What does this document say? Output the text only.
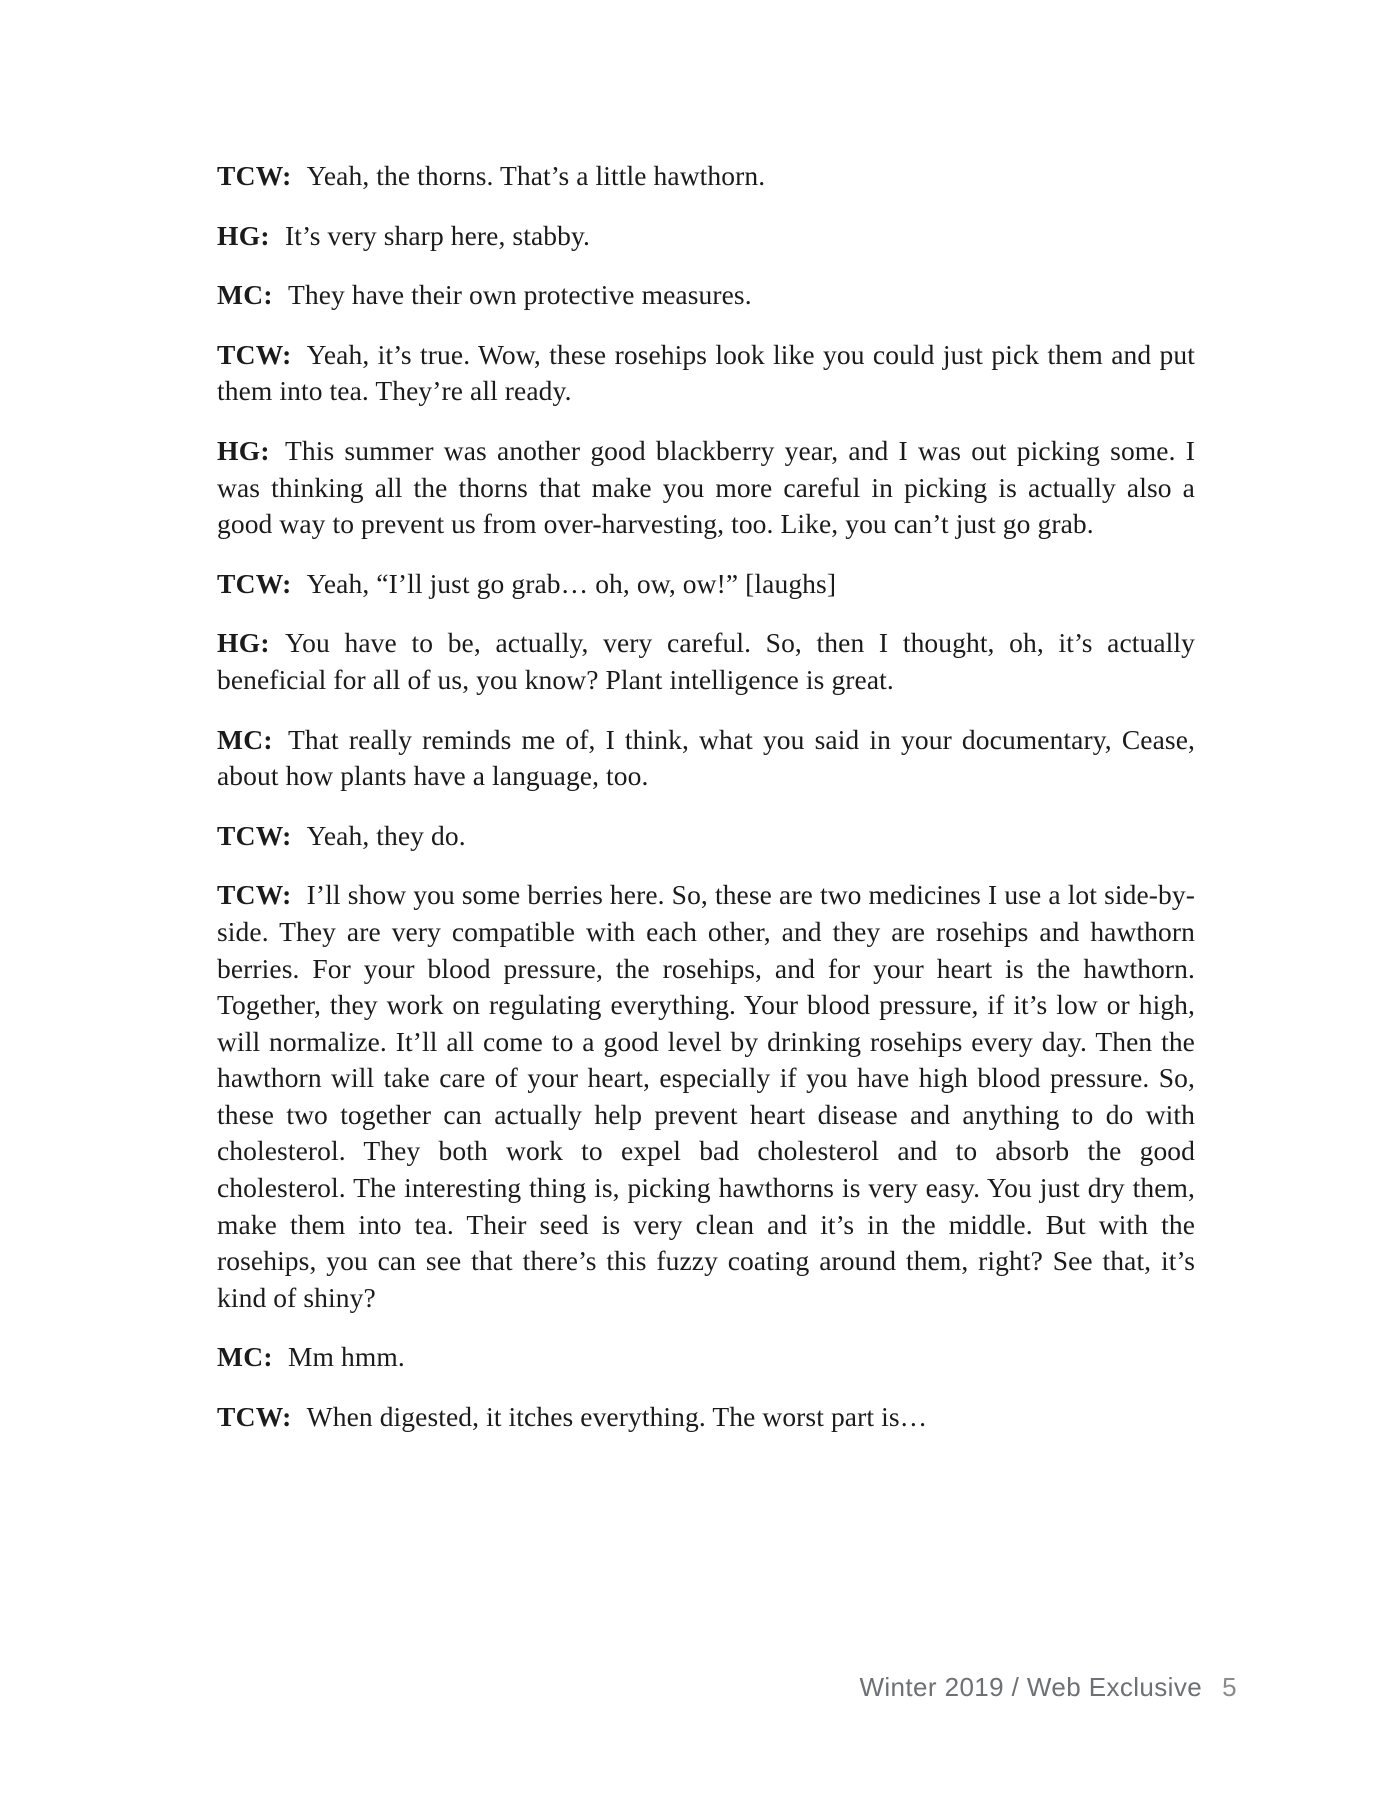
TCW: Yeah, the thorns. That’s a little hawthorn.

HG: It’s very sharp here, stabby.

MC: They have their own protective measures.

TCW: Yeah, it’s true. Wow, these rosehips look like you could just pick them and put them into tea. They’re all ready.

HG: This summer was another good blackberry year, and I was out picking some. I was thinking all the thorns that make you more careful in picking is actually also a good way to prevent us from over-harvesting, too. Like, you can’t just go grab.

TCW: Yeah, “I’ll just go grab… oh, ow, ow!” [laughs]

HG: You have to be, actually, very careful. So, then I thought, oh, it’s actually beneficial for all of us, you know? Plant intelligence is great.

MC: That really reminds me of, I think, what you said in your documentary, Cease, about how plants have a language, too.

TCW: Yeah, they do.

TCW: I’ll show you some berries here. So, these are two medicines I use a lot side-by-side. They are very compatible with each other, and they are rosehips and hawthorn berries. For your blood pressure, the rosehips, and for your heart is the hawthorn. Together, they work on regulating everything. Your blood pressure, if it’s low or high, will normalize. It’ll all come to a good level by drinking rosehips every day. Then the hawthorn will take care of your heart, especially if you have high blood pressure. So, these two together can actually help prevent heart disease and anything to do with cholesterol. They both work to expel bad cholesterol and to absorb the good cholesterol. The interesting thing is, picking hawthorns is very easy. You just dry them, make them into tea. Their seed is very clean and it’s in the middle. But with the rosehips, you can see that there’s this fuzzy coating around them, right? See that, it’s kind of shiny?

MC: Mm hmm.

TCW: When digested, it itches everything. The worst part is…

Winter 2019 / Web Exclusive 5
